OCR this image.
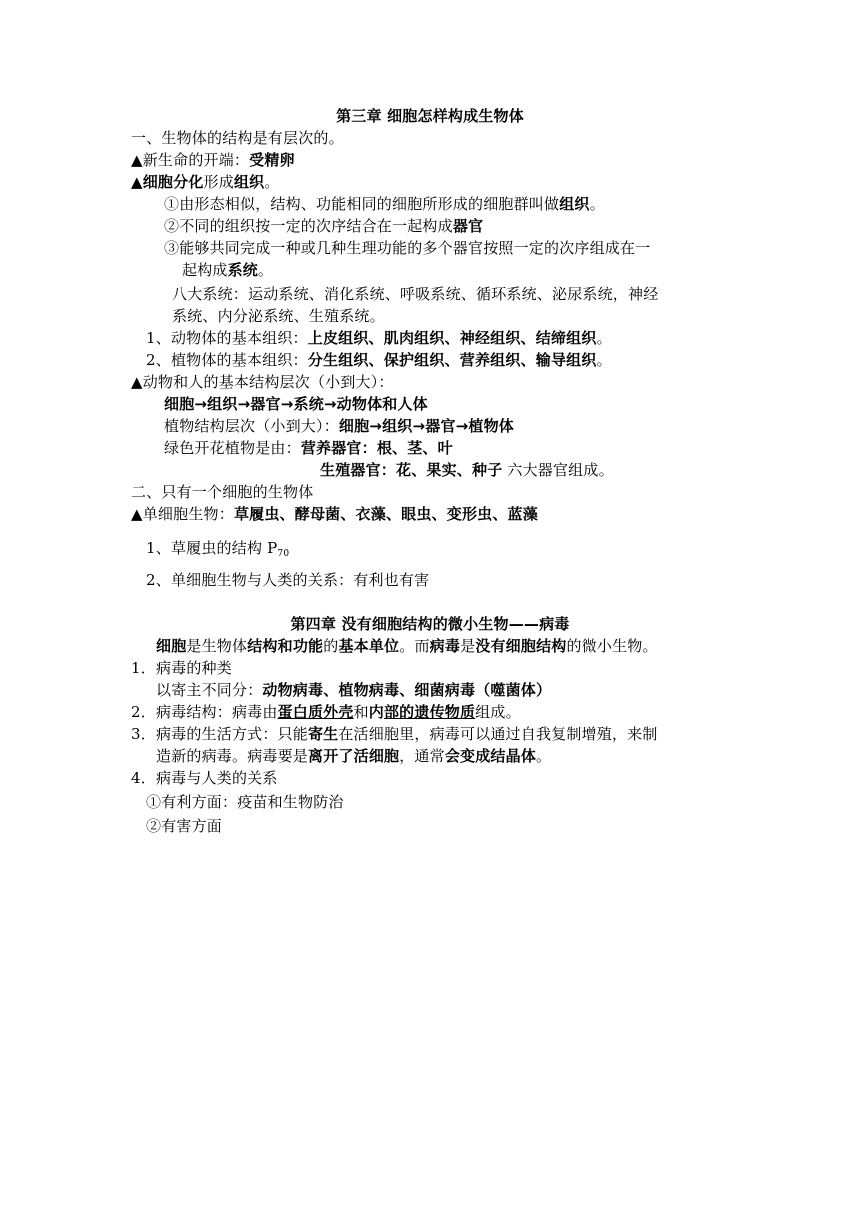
第三章 细胞怎样构成生物体
一、生物体的结构是有层次的。
▲新生命的开端：受精卵
▲细胞分化形成组织。
①由形态相似，结构、功能相同的细胞所形成的细胞群叫做组织。
②不同的组织按一定的次序结合在一起构成器官
③能够共同完成一种或几种生理功能的多个器官按照一定的次序组成在一
起构成系统。
八大系统：运动系统、消化系统、呼吸系统、循环系统、泌尿系统，神经
系统、内分泌系统、生殖系统。
1、动物体的基本组织：上皮组织、肌肉组织、神经组织、结缔组织。
2、植物体的基本组织：分生组织、保护组织、营养组织、输导组织。
▲动物和人的基本结构层次（小到大）：
细胞→组织→器官→系统→动物体和人体
植物结构层次（小到大）：细胞→组织→器官→植物体
绿色开花植物是由：营养器官：根、茎、叶
生殖器官：花、果实、种子 六大器官组成。
二、只有一个细胞的生物体
▲单细胞生物：草履虫、酵母菌、衣藻、眼虫、变形虫、蓝藻
1、草履虫的结构 $P_{70}$
2、单细胞生物与人类的关系：有利也有害
第四章 没有细胞结构的微小生物——病毒
细胞是生物体结构和功能的基本单位。而病毒是没有细胞结构的微小生物。
1．病毒的种类
以寄主不同分：动物病毒、植物病毒、细菌病毒（噬菌体）
2．病毒结构：病毒由蛋白质外壳和内部的遗传物质组成。
3．病毒的生活方式：只能寄生在活细胞里，病毒可以通过自我复制增殖，来制
造新的病毒。病毒要是离开了活细胞，通常会变成结晶体。
4．病毒与人类的关系
①有利方面：疫苗和生物防治
②有害方面
